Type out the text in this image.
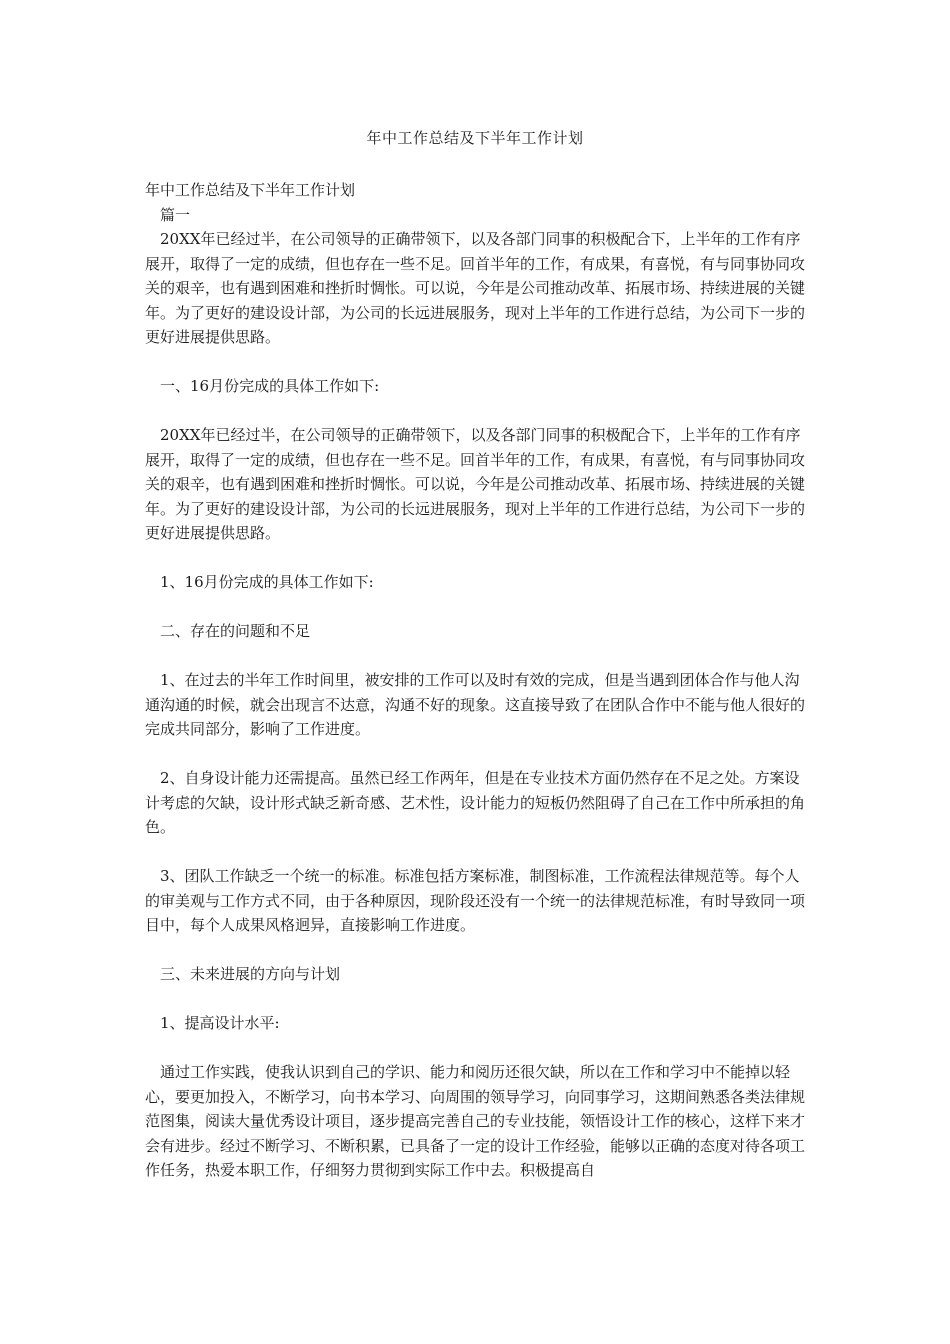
年中工作总结及下半年工作计划

年中工作总结及下半年工作计划

篇一

20XX年已经过半，在公司领导的正确带领下，以及各部门同事的积极配合下，上半年的工作有序展开，取得了一定的成绩，但也存在一些不足。回首半年的工作，有成果，有喜悦，有与同事协同攻关的艰辛，也有遇到困难和挫折时惆怅。可以说，今年是公司推动改革、拓展市场、持续进展的关键年。为了更好的建设设计部，为公司的长远进展服务，现对上半年的工作进行总结，为公司下一步的更好进展提供思路。

一、16月份完成的具体工作如下:

20XX年已经过半，在公司领导的正确带领下，以及各部门同事的积极配合下，上半年的工作有序展开，取得了一定的成绩，但也存在一些不足。回首半年的工作，有成果，有喜悦，有与同事协同攻关的艰辛，也有遇到困难和挫折时惆怅。可以说，今年是公司推动改革、拓展市场、持续进展的关键年。为了更好的建设设计部，为公司的长远进展服务，现对上半年的工作进行总结，为公司下一步的更好进展提供思路。

1、16月份完成的具体工作如下:

二、存在的问题和不足

1、在过去的半年工作时间里，被安排的工作可以及时有效的完成，但是当遇到团体合作与他人沟通沟通的时候，就会出现言不达意，沟通不好的现象。这直接导致了在团队合作中不能与他人很好的完成共同部分，影响了工作进度。

2、自身设计能力还需提高。虽然已经工作两年，但是在专业技术方面仍然存在不足之处。方案设计考虑的欠缺，设计形式缺乏新奇感、艺术性，设计能力的短板仍然阻碍了自己在工作中所承担的角色。

3、团队工作缺乏一个统一的标准。标准包括方案标准，制图标准，工作流程法律规范等。每个人的审美观与工作方式不同，由于各种原因，现阶段还没有一个统一的法律规范标准，有时导致同一项目中，每个人成果风格迥异，直接影响工作进度。

三、未来进展的方向与计划

1、提高设计水平:

通过工作实践，使我认识到自己的学识、能力和阅历还很欠缺，所以在工作和学习中不能掉以轻心，要更加投入，不断学习，向书本学习、向周围的领导学习，向同事学习，这期间熟悉各类法律规范图集，阅读大量优秀设计项目，逐步提高完善自己的专业技能，领悟设计工作的核心，这样下来才会有进步。经过不断学习、不断积累，已具备了一定的设计工作经验，能够以正确的态度对待各项工作任务，热爱本职工作，仔细努力贯彻到实际工作中去。积极提高自
